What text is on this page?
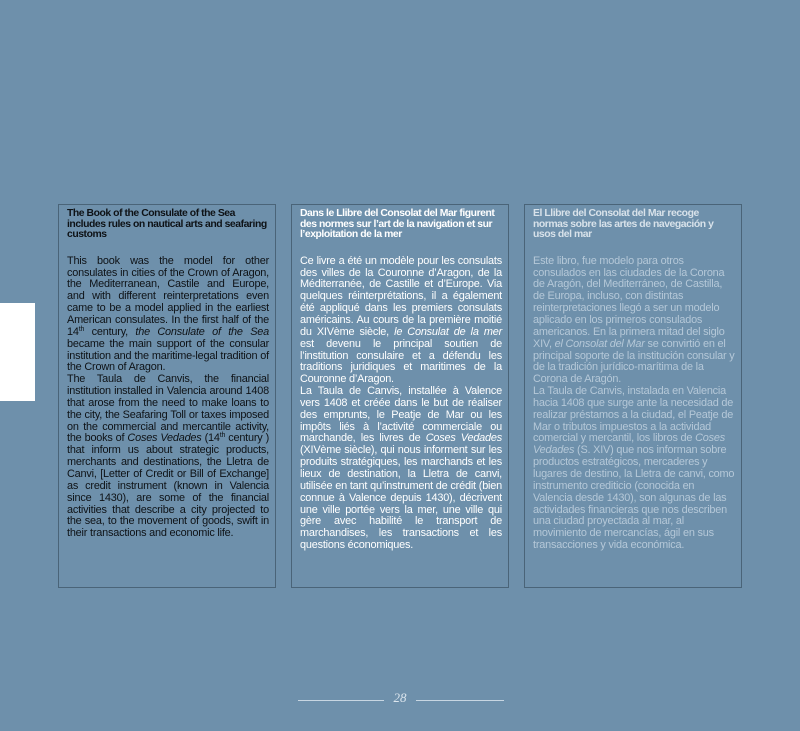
The Book of the Consulate of the Sea includes rules on nautical arts and seafaring customs

This book was the model for other consulates in cities of the Crown of Aragon, the Mediterranean, Castile and Europe, and with different reinterpretations even came to be a model applied in the earliest American consulates. In the first half of the 14th century, the Consulate of the Sea became the main support of the consular institution and the maritime-legal tradition of the Crown of Aragon.

The Taula de Canvis, the financial institution installed in Valencia around 1408 that arose from the need to make loans to the city, the Seafaring Toll or taxes imposed on the commercial and mercantile activity, the books of Coses Vedades (14th century ) that inform us about strategic products, merchants and destinations, the Lletra de Canvi, [Letter of Credit or Bill of Exchange] as credit instrument (known in Valencia since 1430), are some of the financial activities that describe a city projected to the sea, to the movement of goods, swift in their transactions and economic life.

Dans le Llibre del Consolat del Mar figurent des normes sur l’art de la navigation et sur l’exploitation de la mer

Ce livre a été un modèle pour les consulats des villes de la Couronne d’Aragon, de la Méditerranée, de Castille et d’Europe. Via quelques réinterprétations, il a également été appliqué dans les premiers consulats américains. Au cours de la première moitié du XIVème siècle, le Consulat de la mer est devenu le principal soutien de l’institution consulaire et a défendu les traditions juridiques et maritimes de la Couronne d’Aragon.

La Taula de Canvis, installée à Valence vers 1408 et créée dans le but de réaliser des emprunts, le Peatje de Mar ou les impôts liés à l’activité commerciale ou marchande, les livres de Coses Vedades (XIVème siècle), qui nous informent sur les produits stratégiques, les marchands et les lieux de destination, la Lletra de canvi, utilisée en tant qu’instrument de crédit (bien connue à Valence depuis 1430), décrivent une ville portée vers la mer, une ville qui gère avec habilité le transport de marchandises, les transactions et les questions économiques.

El Llibre del Consolat del Mar recoge normas sobre las artes de navegación y usos del mar

Este libro, fue modelo para otros consulados en las ciudades de la Corona de Aragón, del Mediterráneo, de Castilla, de Europa, incluso, con distintas reinterpretaciones llegó a ser un modelo aplicado en los primeros consulados americanos. En la primera mitad del siglo XIV, el Consolat del Mar se convirtió en el principal soporte de la institución consular y de la tradición jurídico-marítima de la Corona de Aragón.

La Taula de Canvis, instalada en Valencia hacia 1408 que surge ante la necesidad de realizar préstamos a la ciudad, el Peatje de Mar o tributos impuestos a la actividad comercial y mercantil, los libros de Coses Vedades (S. XIV) que nos informan sobre productos estratégicos, mercaderes y lugares de destino, la Lletra de canvi, como instrumento crediticio (conocida en Valencia desde 1430), son algunas de las actividades financieras que nos describen una ciudad proyectada al mar, al movimiento de mercancías, ágil en sus transacciones y vida económica.

28
